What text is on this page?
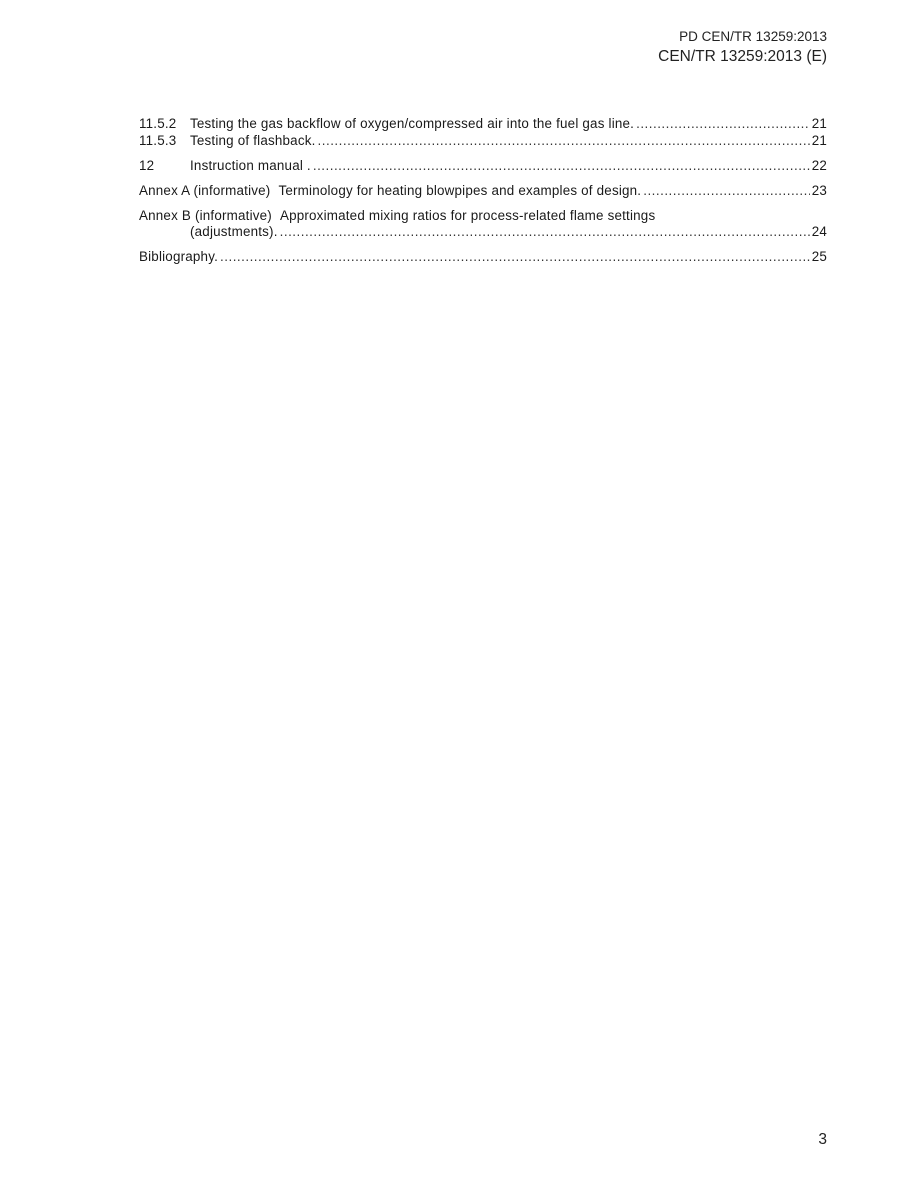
PD CEN/TR 13259:2013
CEN/TR 13259:2013 (E)
11.5.2	Testing the gas backflow of oxygen/compressed air into the fuel gas line. .....	21
11.5.3	Testing of flashback. .....	21
12	Instruction manual . .....	22
Annex A (informative) Terminology for heating blowpipes and examples of design. .....	23
Annex B (informative) Approximated mixing ratios for process-related flame settings
(adjustments). .....	24
Bibliography. .....	25
3
